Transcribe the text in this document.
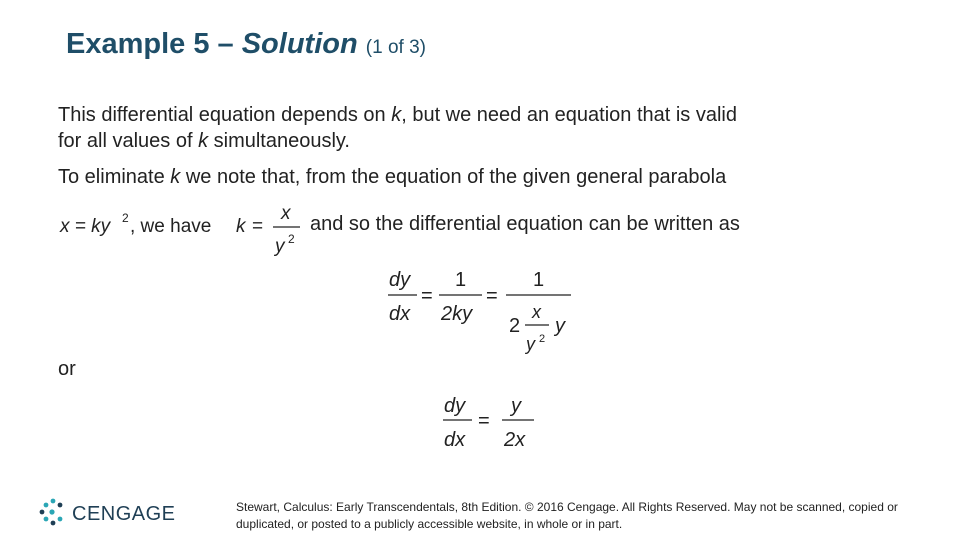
Example 5 – Solution (1 of 3)
This differential equation depends on k, but we need an equation that is valid
for all values of k simultaneously.
To eliminate k we note that, from the equation of the given general parabola
x = ky 2 , we have k =
x
y 2
and so the differential equation can be written as
dy
dx
=
1
2ky
=
1
2
x
y 2
y
or
dy
dx
=
y
2x
CENGAGE	Stewart, Calculus: Early Transcendentals, 8th Edition. © 2016 Cengage. All Rights Reserved. May not be scanned, copied or duplicated, or posted to a publicly accessible website, in whole or in part.
